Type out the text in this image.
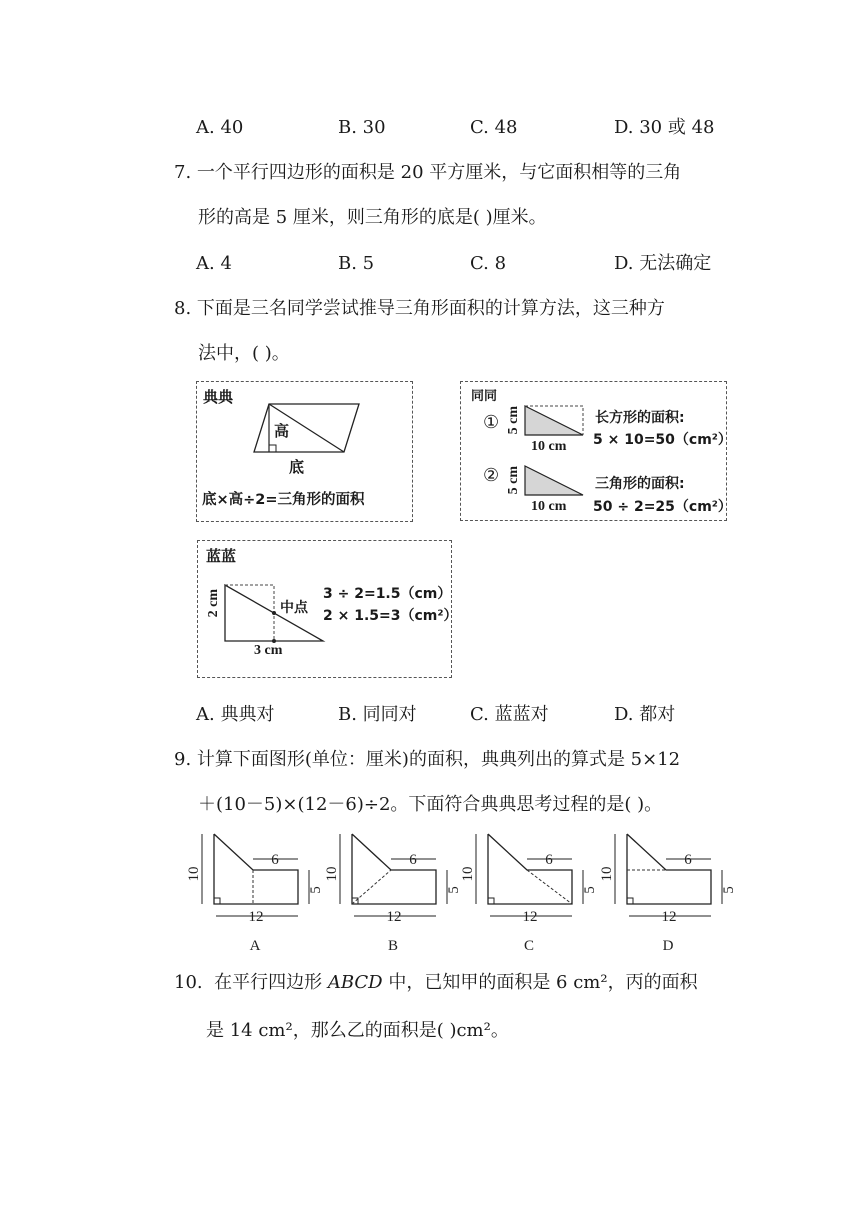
A. 40	B. 30	C. 48	D. 30 或 48
7. 一个平行四边形的面积是 20 平方厘米，与它面积相等的三角
形的高是 5 厘米，则三角形的底是( )厘米。
A. 4	B. 5	C. 8	D. 无法确定
8. 下面是三名同学尝试推导三角形面积的计算方法，这三种方
法中，( )。
典典
高
底
底×高÷2=三角形的面积
同同
①
②
5 cm
10 cm
5 cm
10 cm
长方形的面积:
5 × 10=50（cm²）
三角形的面积:
50 ÷ 2=25（cm²）
蓝蓝
2 cm
3 cm
中点
3 ÷ 2=1.5（cm）
2 × 1.5=3（cm²）
A. 典典对	B. 同同对	C. 蓝蓝对	D. 都对
9. 计算下面图形(单位：厘米)的面积，典典列出的算式是 5×12
＋(10－5)×(12－6)÷2。下面符合典典思考过程的是( )。
10
6
5
12
A
10
6
5
12
B
10
6
5
12
C
10
6
5
12
D
10. 在平行四边形 ABCD 中，已知甲的面积是 6 cm²，丙的面积
是 14 cm²，那么乙的面积是( )cm²。
